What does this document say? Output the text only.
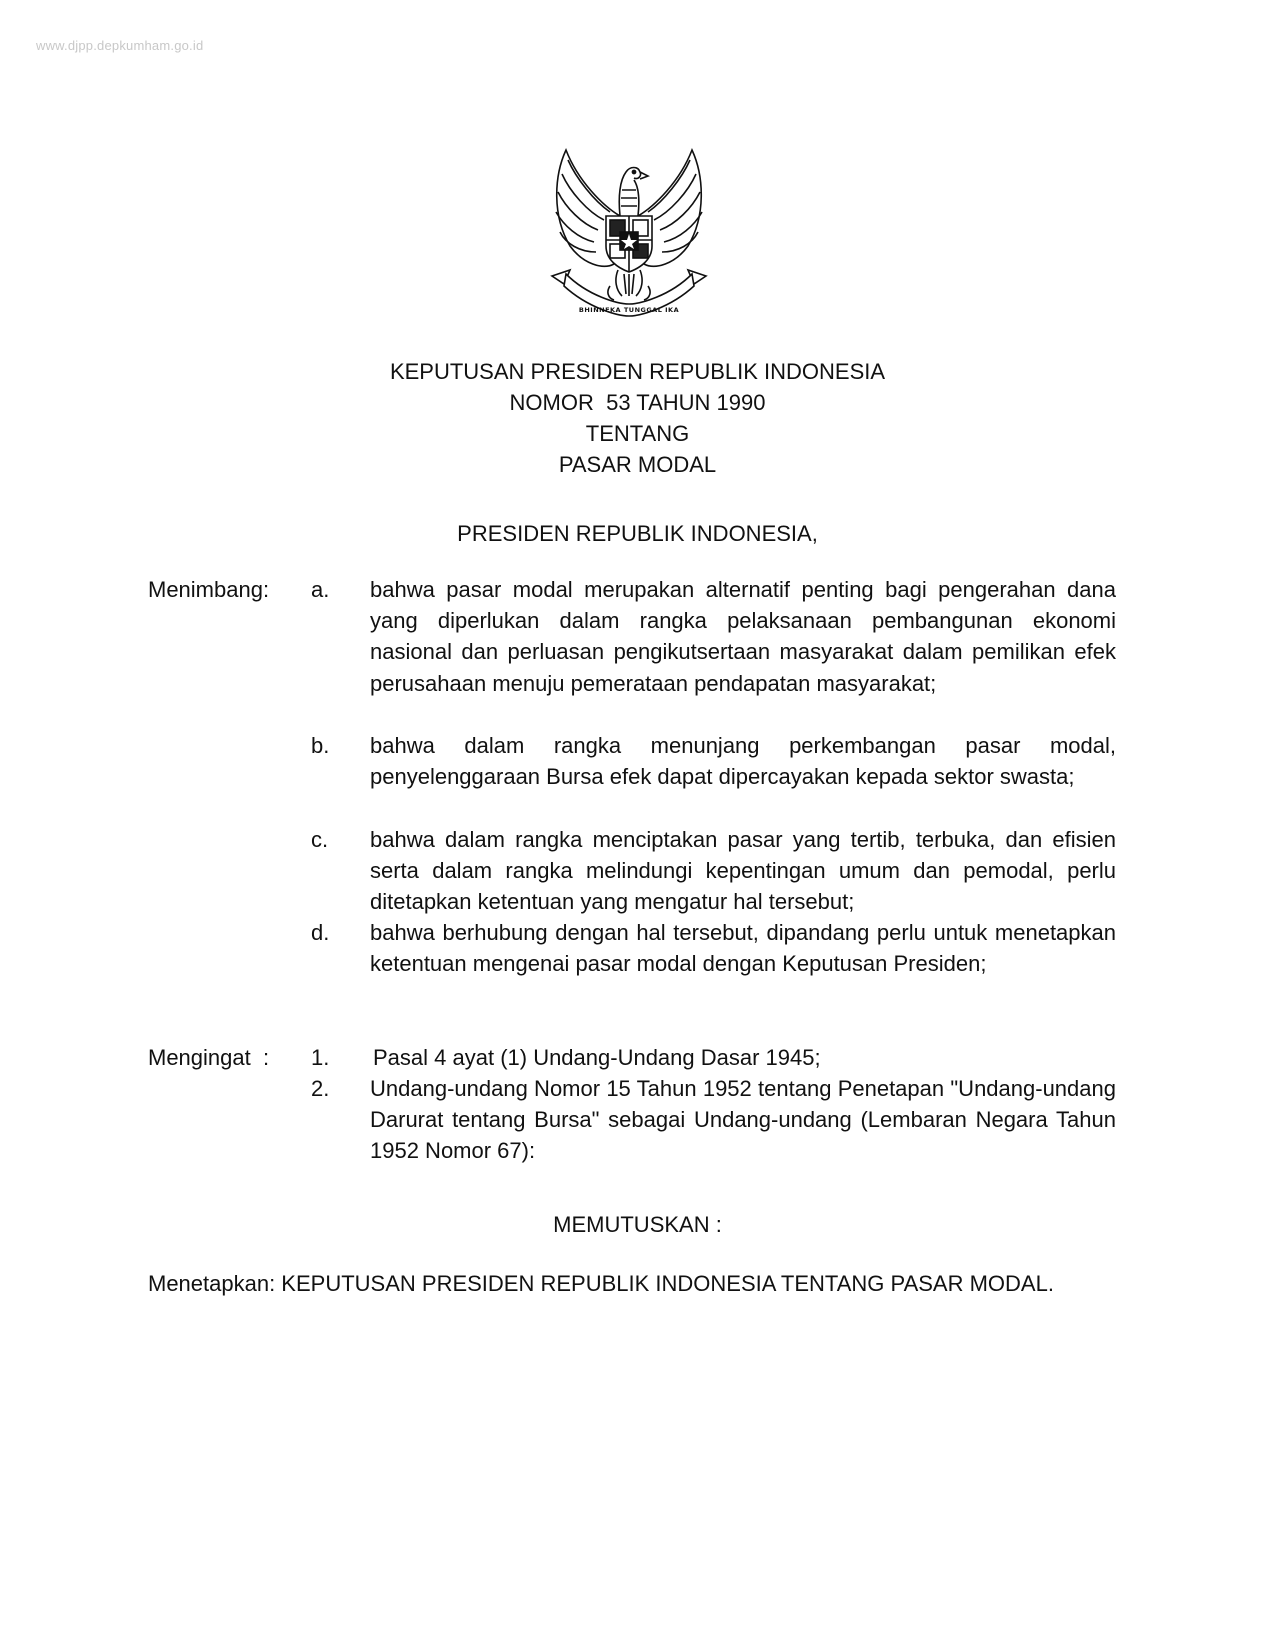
www.djpp.depkumham.go.id
BHINNEKA TUNGGAL IKA
KEPUTUSAN PRESIDEN REPUBLIK INDONESIA
NOMOR  53 TAHUN 1990
TENTANG
PASAR MODAL
PRESIDEN REPUBLIK INDONESIA,
Menimbang: a. bahwa pasar modal merupakan alternatif penting bagi pengerahan dana yang diperlukan dalam rangka pelaksanaan pembangunan ekonomi nasional dan perluasan pengikutsertaan masyarakat dalam pemilikan efek perusahaan menuju pemerataan pendapatan masyarakat;
b. bahwa dalam rangka menunjang perkembangan pasar modal, penyelenggaraan Bursa efek dapat dipercayakan kepada sektor swasta;
c. bahwa dalam rangka menciptakan pasar yang tertib, terbuka, dan efisien serta dalam rangka melindungi kepentingan umum dan pemodal, perlu ditetapkan ketentuan yang mengatur hal tersebut;
d. bahwa berhubung dengan hal tersebut, dipandang perlu untuk menetapkan ketentuan mengenai pasar modal dengan Keputusan Presiden;
Mengingat  : 1. Pasal 4 ayat (1) Undang-Undang Dasar 1945;
2. Undang-undang Nomor 15 Tahun 1952 tentang Penetapan "Undang-undang Darurat tentang Bursa" sebagai Undang-undang (Lembaran Negara Tahun 1952 Nomor 67):
MEMUTUSKAN :
Menetapkan: KEPUTUSAN PRESIDEN REPUBLIK INDONESIA TENTANG PASAR MODAL.
